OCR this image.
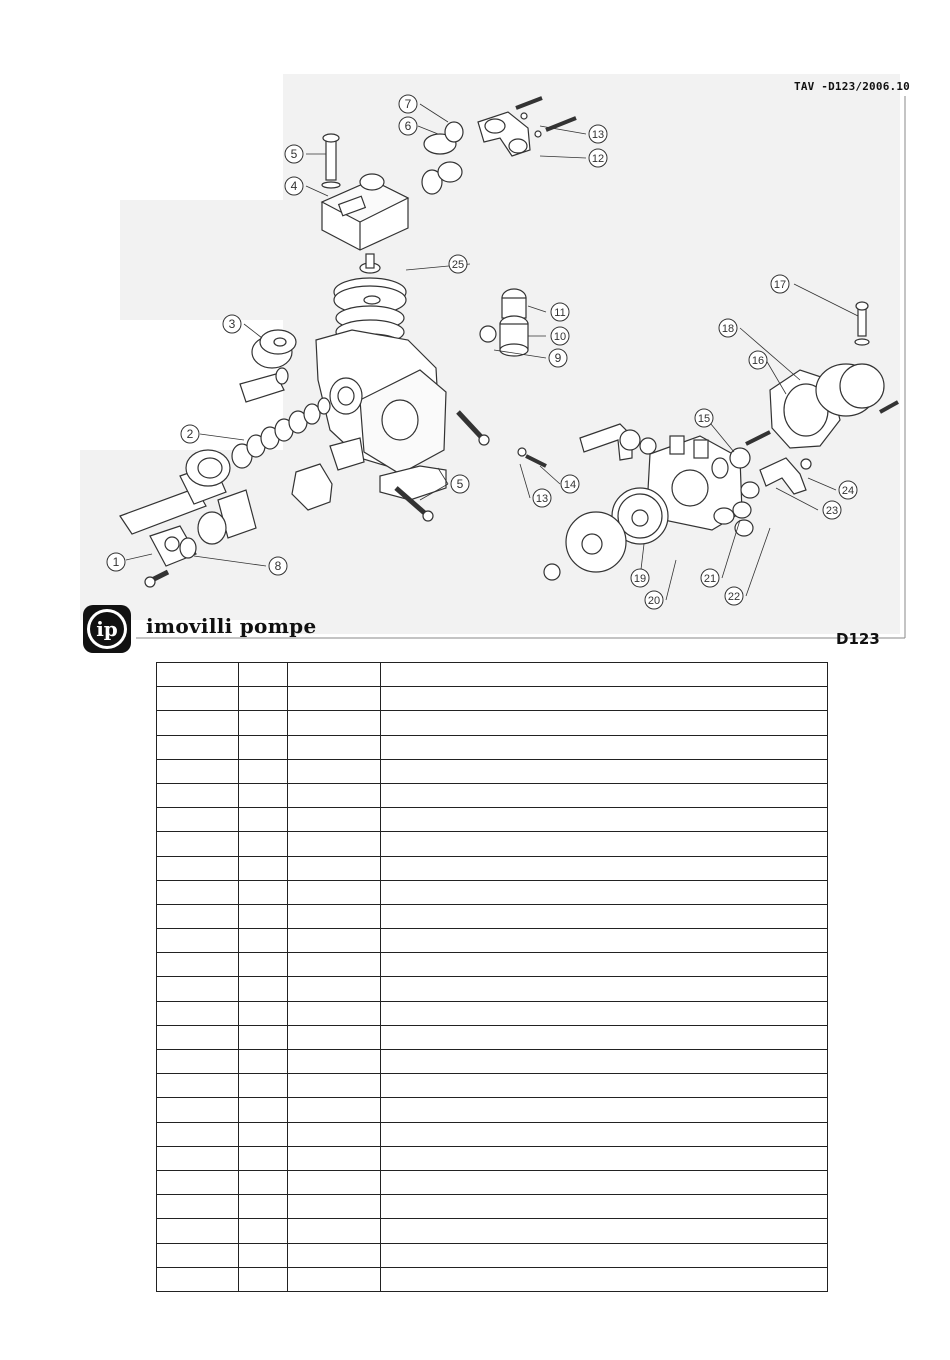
1
2
3
4
5
6
7
8
9
10
11
12
13
13
14
5
15
16
17
18
19
20
21
22
23
24
25
TAV -D123/2006.10
D123
ip imovilli pompe
